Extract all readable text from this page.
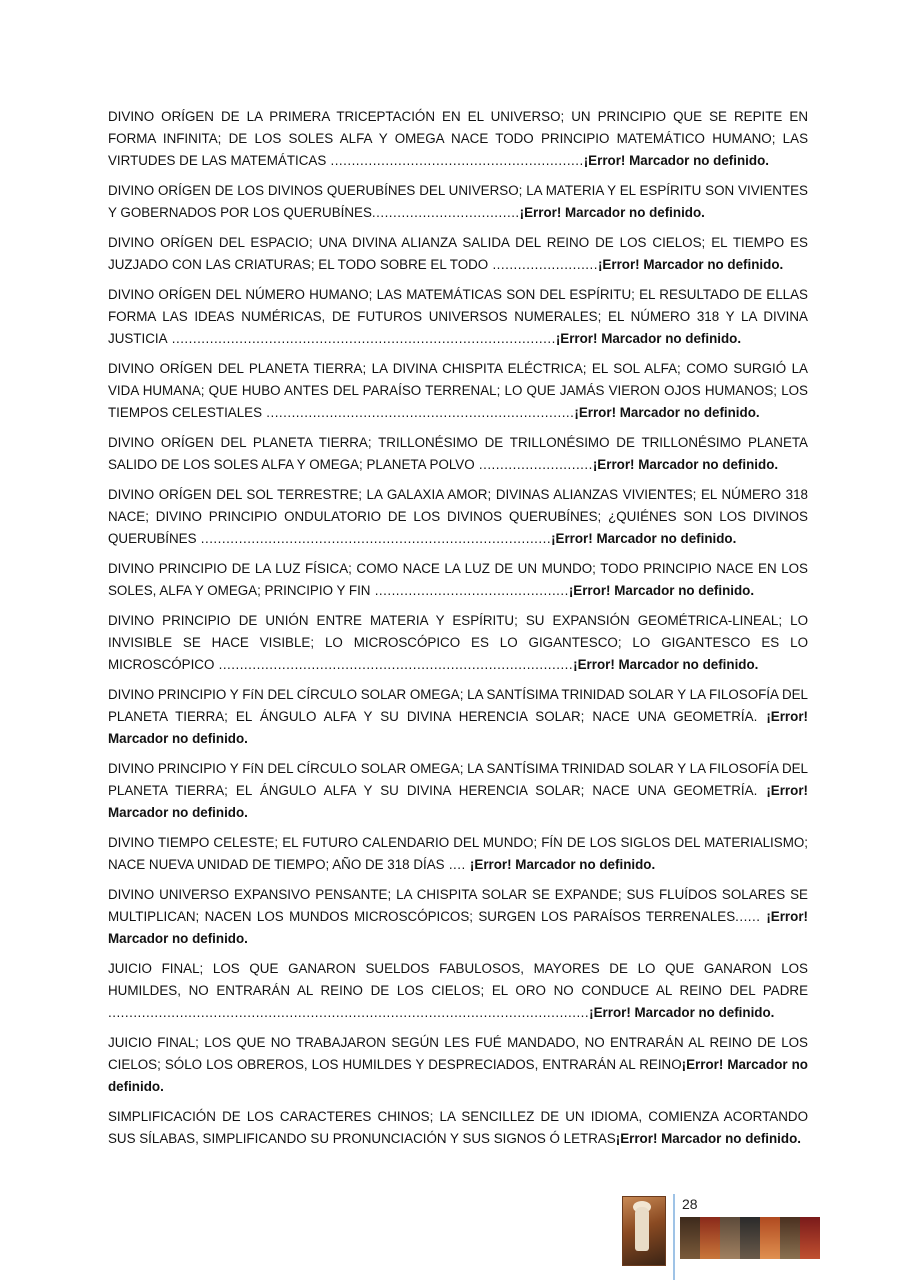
DIVINO ORÍGEN DE LA PRIMERA TRICEPTACIÓN EN EL UNIVERSO; UN PRINCIPIO QUE SE REPITE EN FORMA INFINITA; DE LOS SOLES ALFA Y OMEGA NACE TODO PRINCIPIO MATEMÁTICO HUMANO; LAS VIRTUDES DE LAS MATEMÁTICAS ............................................................¡Error! Marcador no definido.

DIVINO ORÍGEN DE LOS DIVINOS QUERUBÍNES DEL UNIVERSO; LA MATERIA Y EL ESPÍRITU SON VIVIENTES Y GOBERNADOS POR LOS QUERUBÍNES...................................¡Error! Marcador no definido.

DIVINO ORÍGEN DEL ESPACIO; UNA DIVINA ALIANZA SALIDA DEL REINO DE LOS CIELOS; EL TIEMPO ES JUZJADO CON LAS CRIATURAS; EL TODO SOBRE EL TODO .........................¡Error! Marcador no definido.

DIVINO ORÍGEN DEL NÚMERO HUMANO; LAS MATEMÁTICAS SON DEL ESPÍRITU; EL RESULTADO DE ELLAS FORMA LAS IDEAS NUMÉRICAS, DE FUTUROS UNIVERSOS NUMERALES; EL NÚMERO 318 Y LA DIVINA JUSTICIA ...........................................................................................¡Error! Marcador no definido.

DIVINO ORÍGEN DEL PLANETA TIERRA; LA DIVINA CHISPITA ELÉCTRICA; EL SOL ALFA; COMO SURGIÓ LA VIDA HUMANA; QUE HUBO ANTES DEL PARAÍSO TERRENAL; LO QUE JAMÁS VIERON OJOS HUMANOS; LOS TIEMPOS CELESTIALES .........................................................................¡Error! Marcador no definido.

DIVINO ORÍGEN DEL PLANETA TIERRA; TRILLONÉSIMO DE TRILLONÉSIMO DE TRILLONÉSIMO PLANETA SALIDO DE LOS SOLES ALFA Y OMEGA; PLANETA POLVO ...........................¡Error! Marcador no definido.

DIVINO ORÍGEN DEL SOL TERRESTRE; LA GALAXIA AMOR; DIVINAS ALIANZAS VIVIENTES; EL NÚMERO 318 NACE; DIVINO PRINCIPIO ONDULATORIO DE LOS DIVINOS QUERUBÍNES; ¿QUIÉNES SON LOS DIVINOS QUERUBÍNES ...................................................................................¡Error! Marcador no definido.

DIVINO PRINCIPIO DE LA LUZ FÍSICA; COMO NACE LA LUZ DE UN MUNDO; TODO PRINCIPIO NACE EN LOS SOLES, ALFA Y OMEGA; PRINCIPIO Y FIN ..............................................¡Error! Marcador no definido.

DIVINO PRINCIPIO DE UNIÓN ENTRE MATERIA Y ESPÍRITU; SU EXPANSIÓN GEOMÉTRICA-LINEAL; LO INVISIBLE SE HACE VISIBLE; LO MICROSCÓPICO ES LO GIGANTESCO; LO GIGANTESCO ES LO MICROSCÓPICO ....................................................................................¡Error! Marcador no definido.

DIVINO PRINCIPIO Y FíN DEL CÍRCULO SOLAR OMEGA; LA SANTÍSIMA TRINIDAD SOLAR Y LA FILOSOFÍA DEL PLANETA TIERRA; EL ÁNGULO ALFA Y SU DIVINA HERENCIA SOLAR; NACE UNA GEOMETRÍA. ¡Error! Marcador no definido.

DIVINO PRINCIPIO Y FíN DEL CÍRCULO SOLAR OMEGA; LA SANTÍSIMA TRINIDAD SOLAR Y LA FILOSOFÍA DEL PLANETA TIERRA; EL ÁNGULO ALFA Y SU DIVINA HERENCIA SOLAR; NACE UNA GEOMETRÍA. ¡Error! Marcador no definido.

DIVINO TIEMPO CELESTE; EL FUTURO CALENDARIO DEL MUNDO; FÍN DE LOS SIGLOS DEL MATERIALISMO; NACE NUEVA UNIDAD DE TIEMPO; AÑO DE 318 DÍAS .... ¡Error! Marcador no definido.

DIVINO UNIVERSO EXPANSIVO PENSANTE; LA CHISPITA SOLAR SE EXPANDE; SUS FLUÍDOS SOLARES SE MULTIPLICAN; NACEN LOS MUNDOS MICROSCÓPICOS; SURGEN LOS PARAÍSOS TERRENALES...... ¡Error! Marcador no definido.

JUICIO FINAL; LOS QUE GANARON SUELDOS FABULOSOS, MAYORES DE LO QUE GANARON LOS HUMILDES, NO ENTRARÁN AL REINO DE LOS CIELOS; EL ORO NO CONDUCE AL REINO DEL PADRE ..................................................................................................................¡Error! Marcador no definido.

JUICIO FINAL; LOS QUE NO TRABAJARON SEGÚN LES FUÉ MANDADO, NO ENTRARÁN AL REINO DE LOS CIELOS; SÓLO LOS OBREROS, LOS HUMILDES Y DESPRECIADOS, ENTRARÁN AL REINO¡Error! Marcador no definido.

SIMPLIFICACIÓN DE LOS CARACTERES CHINOS; LA SENCILLEZ DE UN IDIOMA, COMIENZA ACORTANDO SUS SÍLABAS, SIMPLIFICANDO SU PRONUNCIACIÓN Y SUS SIGNOS Ó LETRAS¡Error! Marcador no definido.

28
